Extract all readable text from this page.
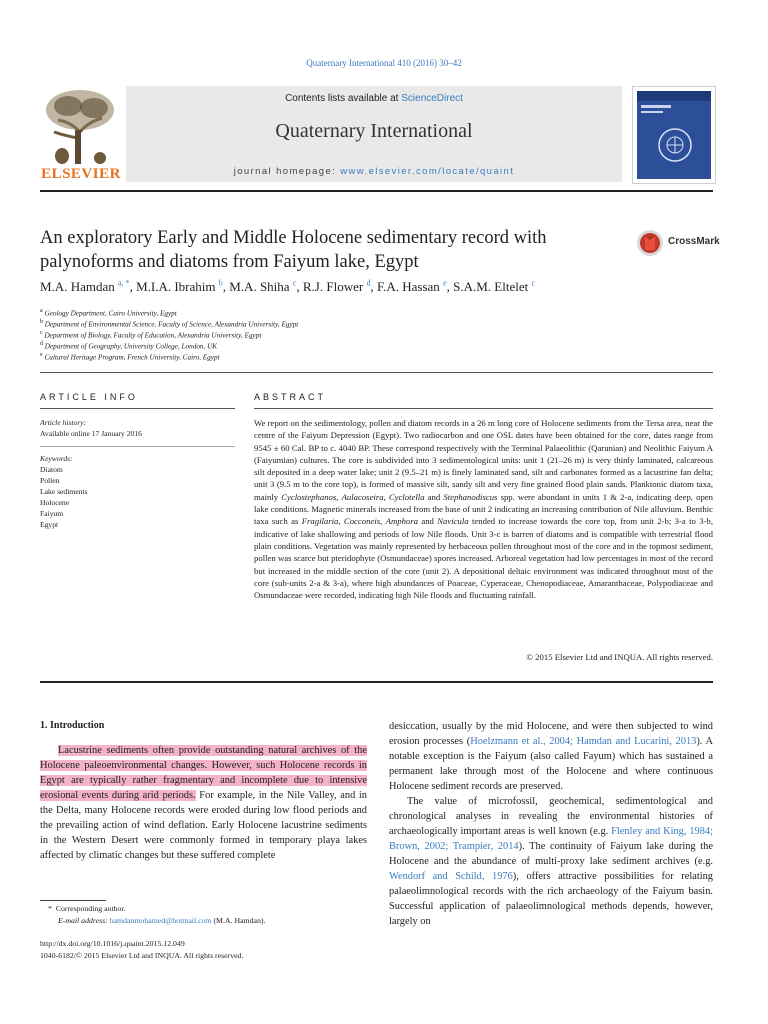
Quaternary International 410 (2016) 30–42
ELSEVIER
Contents lists available at ScienceDirect
Quaternary International
journal homepage: www.elsevier.com/locate/quaint
An exploratory Early and Middle Holocene sedimentary record with palynoforms and diatoms from Faiyum lake, Egypt
CrossMark
M.A. Hamdan $^{a, *}$, M.I.A. Ibrahim $^b$, M.A. Shiha $^c$, R.J. Flower $^d$, F.A. Hassan $^e$, S.A.M. Eltelet $^c$
$^a$ Geology Department, Cairo University, Egypt
$^b$ Department of Environmental Science, Faculty of Science, Alexandria University, Egypt
$^c$ Department of Biology, Faculty of Education, Alexandria University, Egypt
$^d$ Department of Geography, University College, London, UK
$^e$ Cultural Heritage Program, French University, Cairo, Egypt
ARTICLE INFO
Article history:
Available online 17 January 2016
Keywords:
Diatom
Pollen
Lake sediments
Holocene
Faiyum
Egypt
ABSTRACT
We report on the sedimentology, pollen and diatom records in a 26 m long core of Holocene sediments from the Tersa area, near the centre of the Faiyum Depression (Egypt). Two radiocarbon and one OSL dates have been obtained for the core, dates range from 9545 ± 60 Cal. BP to c. 4040 BP. These correspond respectively with the Terminal Palaeolithic (Qarunian) and Neolithic Faiyum A (Faiyumian) cultures. The core is subdivided into 3 sedimentological units: unit 1 (21–26 m) is very thinly laminated, calcareous silt deposited in a deep water lake; unit 2 (9.5–21 m) is finely laminated sand, silt and carbonates formed as a lacustrine fan delta; unit 3 (9.5 m to the core top), is formed of massive silt, sandy silt and very fine grained flood plain sands. Planktonic diatom taxa, mainly Cyclostephanos, Aulacoseira, Cyclotella and Stephanodiscus spp. were abundant in units 1 & 2-a, indicating deep, open lake conditions. Magnetic minerals increased from the base of unit 2 indicating an increasing contribution of Nile alluvium. Benthic taxa such as Fragilaria, Cocconeis, Amphora and Navicula tended to increase towards the core top, from unit 2-b; 3-a to 3-b, indicative of lake shallowing and periods of low Nile floods. Unit 3-c is barren of diatoms and is compatible with terrestrial flood plain conditions. Vegetation was mainly represented by herbaceous pollen throughout most of the core and in the topmost sediment, pollen was scarce but pteridophyte (Osmundaceae) spores increased. Arboreal vegetation had low percentages in most of the record but increased in the middle section of the core (unit 2). A depositional deltaic environment was indicated throughout most of the core (sub-units 2-a & 3-a), where high abundances of Poaceae, Cyperaceae, Chenopodiaceae, Amaranthaceae, Polypodiaceae and Osmundaceae were recorded, indicating high Nile floods and fluctuating rainfall.
© 2015 Elsevier Ltd and INQUA. All rights reserved.
1. Introduction
Lacustrine sediments often provide outstanding natural archives of the Holocene paleoenvironmental changes. However, such Holocene records in Egypt are typically rather fragmentary and incomplete due to intensive erosional events during arid periods. For example, in the Nile Valley, and in the Delta, many Holocene records were eroded during low flood periods and the prevailing action of wind deflation. Early Holocene lacustrine sediments in the Western Desert were commonly formed in temporary playa lakes affected by climatic changes but these suffered complete
desiccation, usually by the mid Holocene, and were then subjected to wind erosion processes (Hoelzmann et al., 2004; Hamdan and Lucarini, 2013). A notable exception is the Faiyum (also called Fayum) which has sustained a permanent lake through most of the Holocene and where continuous Holocene sediment records are preserved.
The value of microfossil, geochemical, sedimentological and chronological analyses in revealing the environmental histories of archaeologically important areas is well known (e.g. Flenley and King, 1984; Brown, 2002; Trampier, 2014). The continuity of Faiyum lake during the Holocene and the abundance of multi-proxy lake sediment archives (e.g. Wendorf and Schild, 1976), offers attractive possibilities for relating palaeolimnological records with the rich archaeology of the Faiyum basin. Successful application of palaeolimnological methods depends, however, largely on
* Corresponding author.
E-mail address: hamdanmohamed@hotmail.com (M.A. Hamdan).
http://dx.doi.org/10.1016/j.quaint.2015.12.049
1040-6182/© 2015 Elsevier Ltd and INQUA. All rights reserved.
